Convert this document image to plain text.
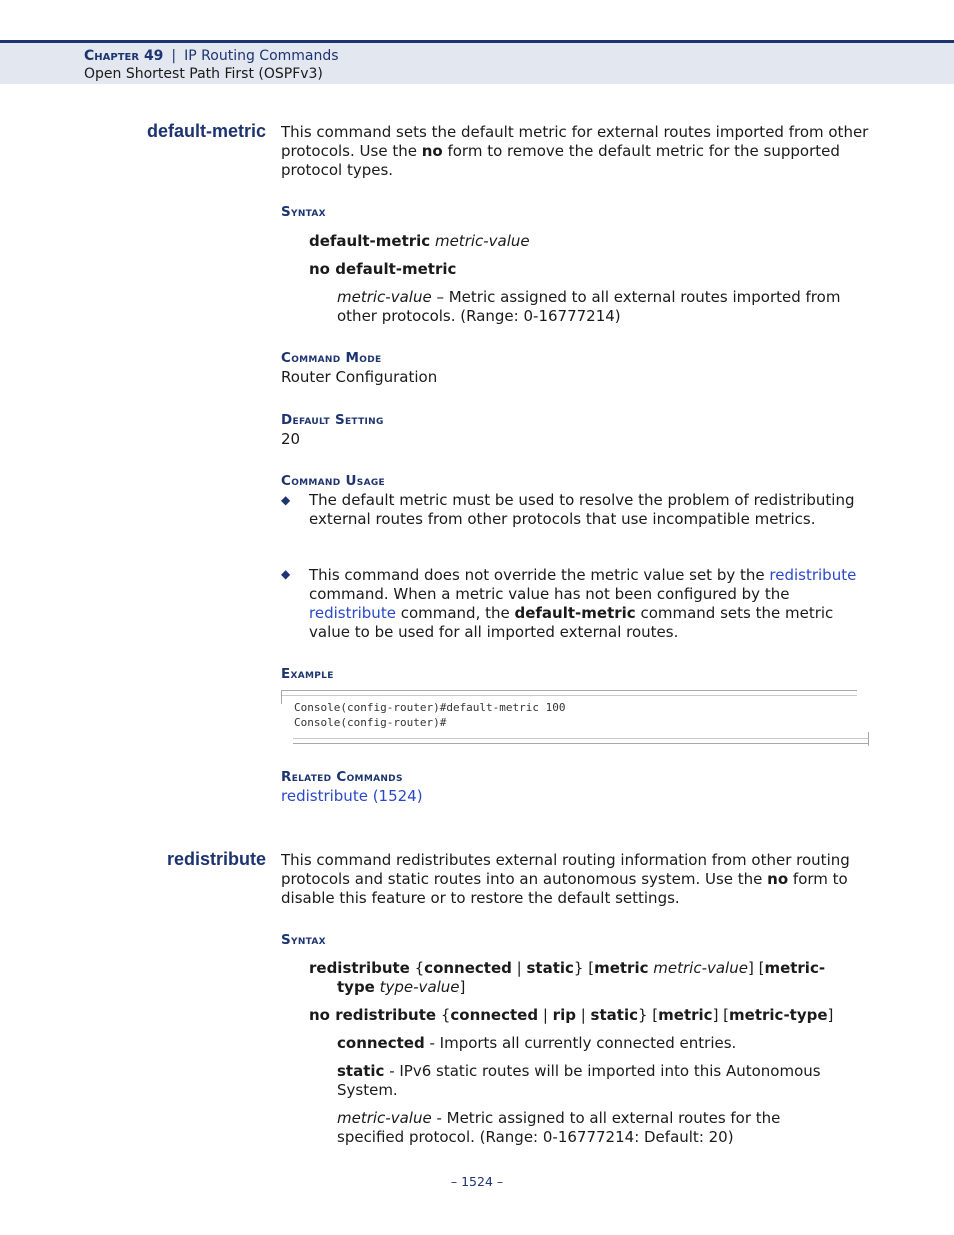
Chapter 49 | IP Routing Commands
Open Shortest Path First (OSPFv3)
default-metric This command sets the default metric for external routes imported from other protocols. Use the no form to remove the default metric for the supported protocol types.
Syntax
default-metric metric-value
no default-metric
metric-value – Metric assigned to all external routes imported from other protocols. (Range: 0-16777214)
Command Mode
Router Configuration
Default Setting
20
Command Usage
◆ The default metric must be used to resolve the problem of redistributing external routes from other protocols that use incompatible metrics.
◆ This command does not override the metric value set by the redistribute command. When a metric value has not been configured by the redistribute command, the default-metric command sets the metric value to be used for all imported external routes.
Example
Console(config-router)#default-metric 100
Console(config-router)#
Related Commands
redistribute (1524)
redistribute This command redistributes external routing information from other routing protocols and static routes into an autonomous system. Use the no form to disable this feature or to restore the default settings.
Syntax
redistribute {connected | static} [metric metric-value] [metric-
type type-value]
no redistribute {connected | rip | static} [metric] [metric-type]
connected - Imports all currently connected entries.
static - IPv6 static routes will be imported into this Autonomous System.
metric-value - Metric assigned to all external routes for the specified protocol. (Range: 0-16777214: Default: 20)
– 1524 –
